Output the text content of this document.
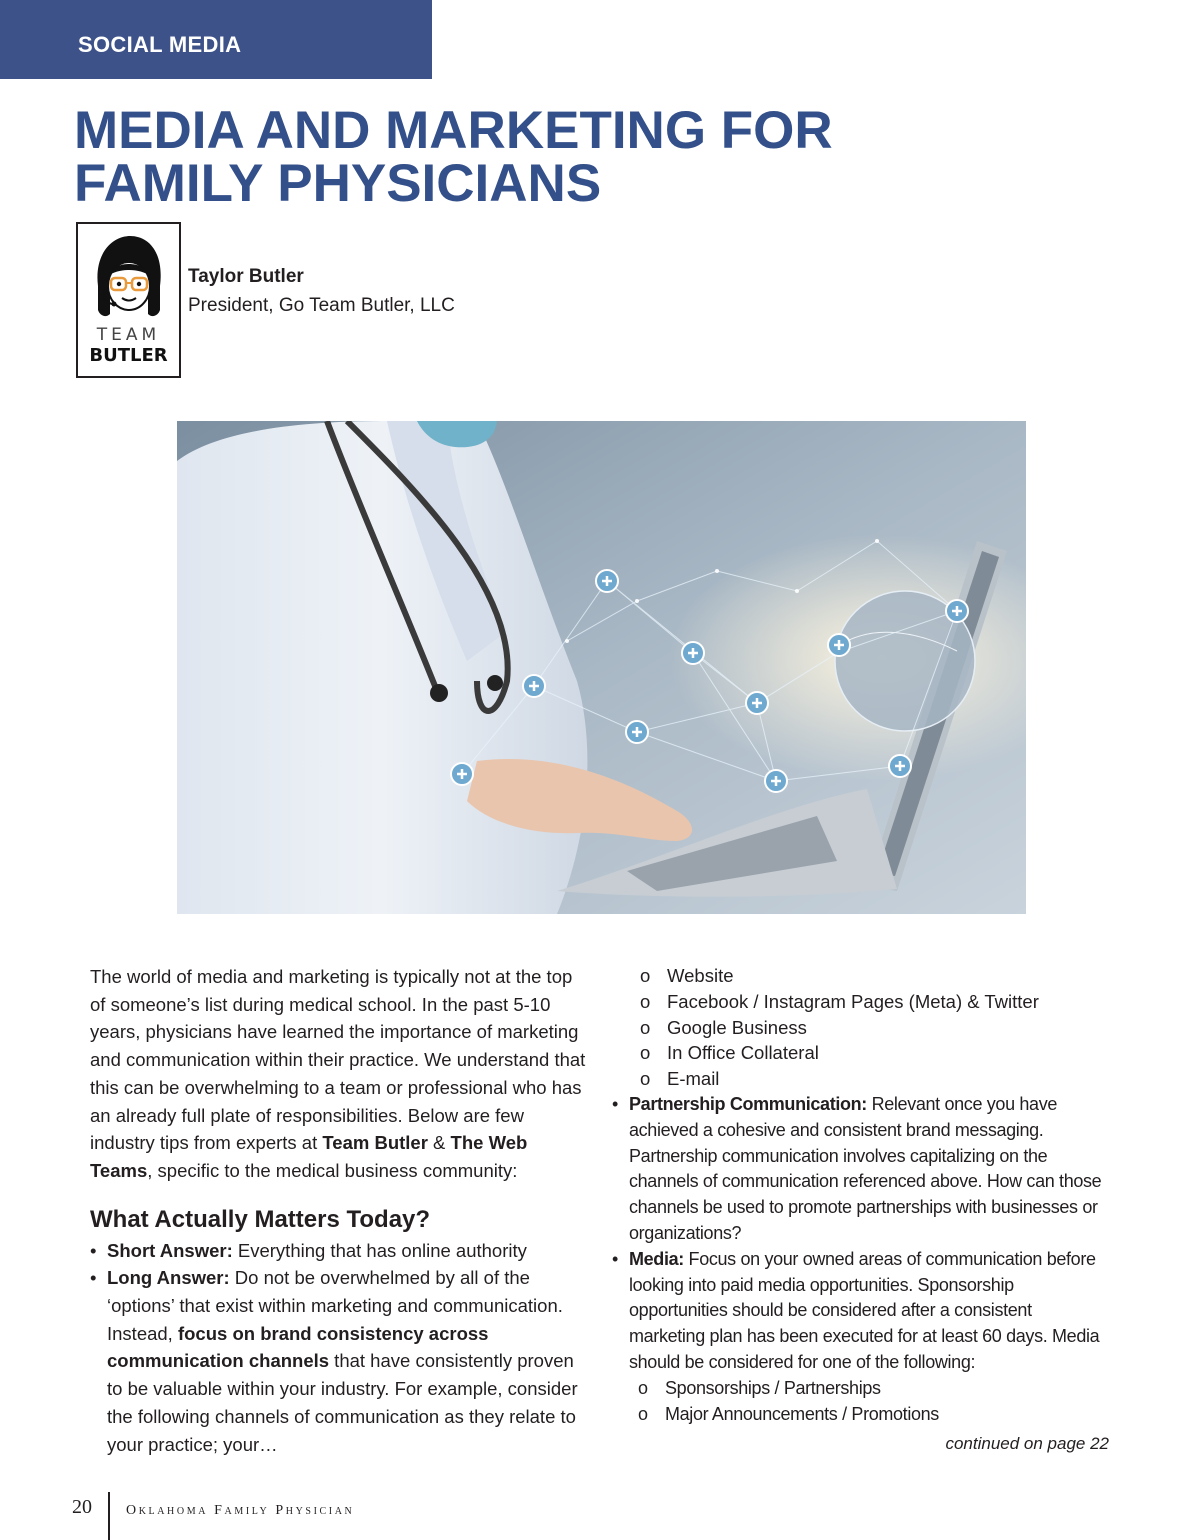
SOCIAL MEDIA
MEDIA AND MARKETING FOR
FAMILY PHYSICIANS
TEAM
BUTLER
Taylor Butler
President, Go Team Butler, LLC

The world of media and marketing is typically not at the top of someone’s list during medical school. In the past 5-10 years, physicians have learned the importance of marketing and communication within their practice. We understand that this can be overwhelming to a team or professional who has an already full plate of responsibilities. Below are few industry tips from experts at Team Butler & The Web Teams, specific to the medical business community:

What Actually Matters Today?
• Short Answer: Everything that has online authority
• Long Answer: Do not be overwhelmed by all of the ‘options’ that exist within marketing and communication. Instead, focus on brand consistency across communication channels that have consistently proven to be valuable within your industry. For example, consider the following channels of communication as they relate to your practice; your…
o Website
o Facebook / Instagram Pages (Meta) & Twitter
o Google Business
o In Office Collateral
o E-mail
• Partnership Communication: Relevant once you have achieved a cohesive and consistent brand messaging. Partnership communication involves capitalizing on the channels of communication referenced above. How can those channels be used to promote partnerships with businesses or organizations?
• Media: Focus on your owned areas of communication before looking into paid media opportunities. Sponsorship opportunities should be considered after a consistent marketing plan has been executed for at least 60 days. Media should be considered for one of the following:
o Sponsorships / Partnerships
o Major Announcements / Promotions
continued on page 22
20 Oklahoma Family Physician
